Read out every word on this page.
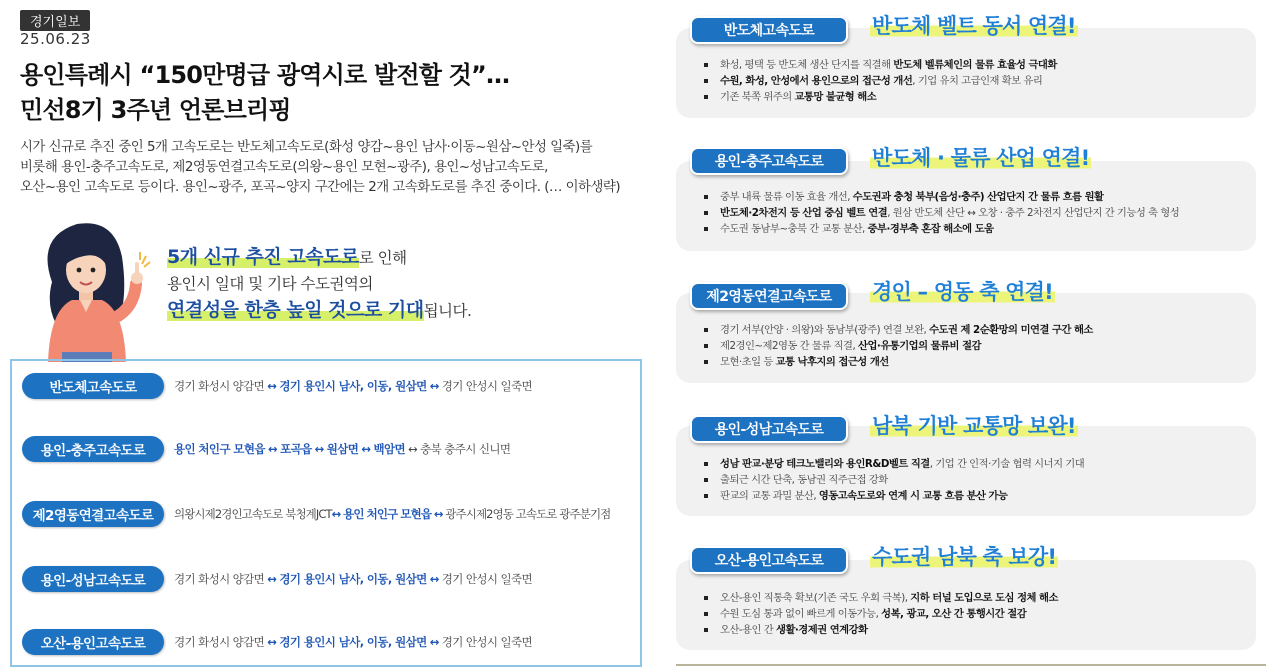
경기일보
25.06.23
용인특례시 “150만명급 광역시로 발전할 것”…
민선8기 3주년 언론브리핑
시가 신규로 추진 중인 5개 고속도로는 반도체고속도로(화성 양감~용인 남사·이동~원삼~안성 일죽)를
비롯해 용인-충주고속도로, 제2영동연결고속도로(의왕~용인 모현~광주), 용인~성남고속도로,
오산~용인 고속도로 등이다. 용인~광주, 포곡~양지 구간에는 2개 고속화도로를 추진 중이다. (… 이하생략)
5개 신규 추진 고속도로로 인해
용인시 일대 및 기타 수도권역의
연결성을 한층 높일 것으로 기대됩니다.
반도체고속도로	경기 화성시 양감면 ↔ 경기 용인시 남사, 이동, 원삼면 ↔ 경기 안성시 일죽면
용인-충주고속도로	용인 처인구 모현읍 ↔ 포곡읍 ↔ 원삼면 ↔ 백암면 ↔ 충북 충주시 신니면
제2영동연결고속도로	의왕시제2경인고속도로 북청계JCT↔ 용인 처인구 모현읍 ↔ 광주시제2영동 고속도로 광주분기점
용인-성남고속도로	경기 화성시 양감면 ↔ 경기 용인시 남사, 이동, 원삼면 ↔ 경기 안성시 일죽면
오산-용인고속도로	경기 화성시 양감면 ↔ 경기 용인시 남사, 이동, 원삼면 ↔ 경기 안성시 일죽면
반도체고속도로	반도체 벨트 동서 연결!
화성, 평택 등 반도체 생산 단지를 직결해 반도체 벨류체인의 물류 효율성 극대화
수원, 화성, 안성에서 용인으로의 접근성 개선, 기업 유치 고급인재 확보 유리
기존 북쪽 위주의 교통망 불균형 해소
용인-충주고속도로	반도체 · 물류 산업 연결!
중부 내륙 물류 이동 효율 개선, 수도권과 충청 북부(음성·충주) 산업단지 간 물류 흐름 원활
반도체·2차전지 등 산업 중심 벨트 연결, 원삼 반도체 산단 ↔ 오창 · 충주 2차전지 산업단지 간 기능성 축 형성
수도권 동남부~충북 간 교통 분산, 중부·경부축 혼잡 해소에 도움
제2영동연결고속도로	경인 – 영동 축 연결!
경기 서부(안양 · 의왕)와 동남부(광주) 연결 보완, 수도권 제 2순환망의 미연결 구간 해소
제2경인~제2영동 간 물류 직결, 산업·유통기업의 물류비 절감
모현·초일 등 교통 낙후지의 접근성 개선
용인-성남고속도로	남북 기반 교통망 보완!
성남 판교·분당 테크노밸리와 용인R&D벨트 직결, 기업 간 인적·기술 협력 시너지 기대
출퇴근 시간 단축, 동남권 직주근접 강화
판교의 교통 과밀 분산, 영동고속도로와 연계 시 교통 흐름 분산 가능
오산-용인고속도로	수도권 남북 축 보강!
오산-용인 직통축 확보(기존 국도 우회 극복), 지하 터널 도입으로 도심 정체 해소
수원 도심 통과 없이 빠르게 이동가능, 성복, 광교, 오산 간 통행시간 절감
오산-용인 간 생활·경제권 연계강화
